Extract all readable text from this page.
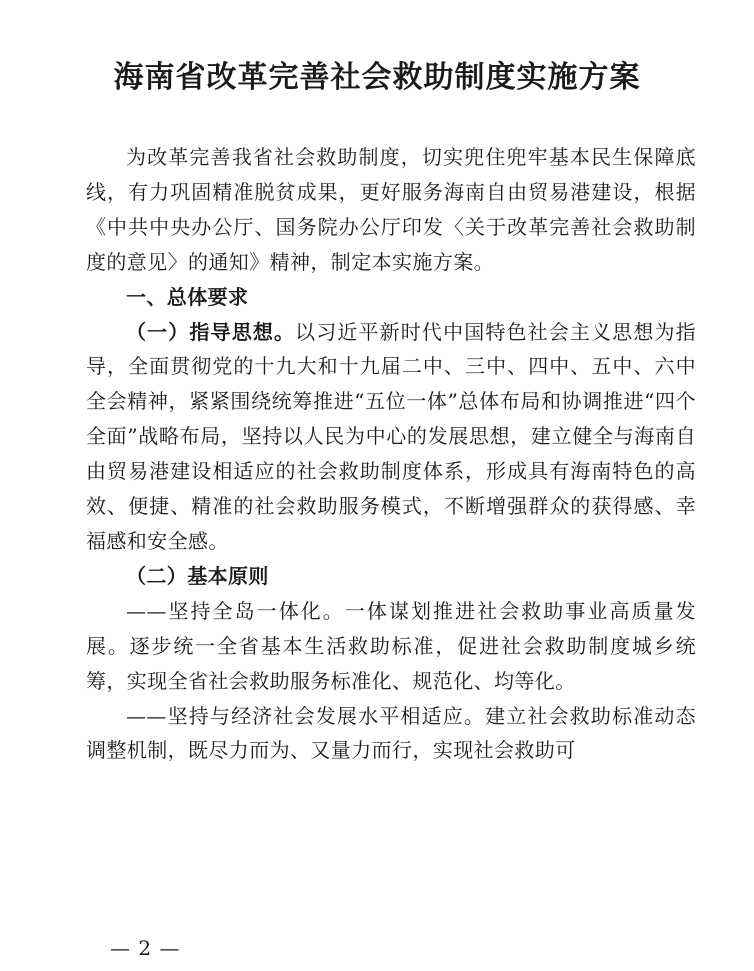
海南省改革完善社会救助制度实施方案

为改革完善我省社会救助制度，切实兜住兜牢基本民生保障底线，有力巩固精准脱贫成果，更好服务海南自由贸易港建设，根据《中共中央办公厅、国务院办公厅印发〈关于改革完善社会救助制度的意见〉的通知》精神，制定本实施方案。

一、总体要求

（一）指导思想。以习近平新时代中国特色社会主义思想为指导，全面贯彻党的十九大和十九届二中、三中、四中、五中、六中全会精神，紧紧围绕统筹推进“五位一体”总体布局和协调推进“四个全面”战略布局，坚持以人民为中心的发展思想，建立健全与海南自由贸易港建设相适应的社会救助制度体系，形成具有海南特色的高效、便捷、精准的社会救助服务模式，不断增强群众的获得感、幸福感和安全感。

（二）基本原则

——坚持全岛一体化。一体谋划推进社会救助事业高质量发展。逐步统一全省基本生活救助标准，促进社会救助制度城乡统筹，实现全省社会救助服务标准化、规范化、均等化。

——坚持与经济社会发展水平相适应。建立社会救助标准动态调整机制，既尽力而为、又量力而行，实现社会救助可

— 2 —
